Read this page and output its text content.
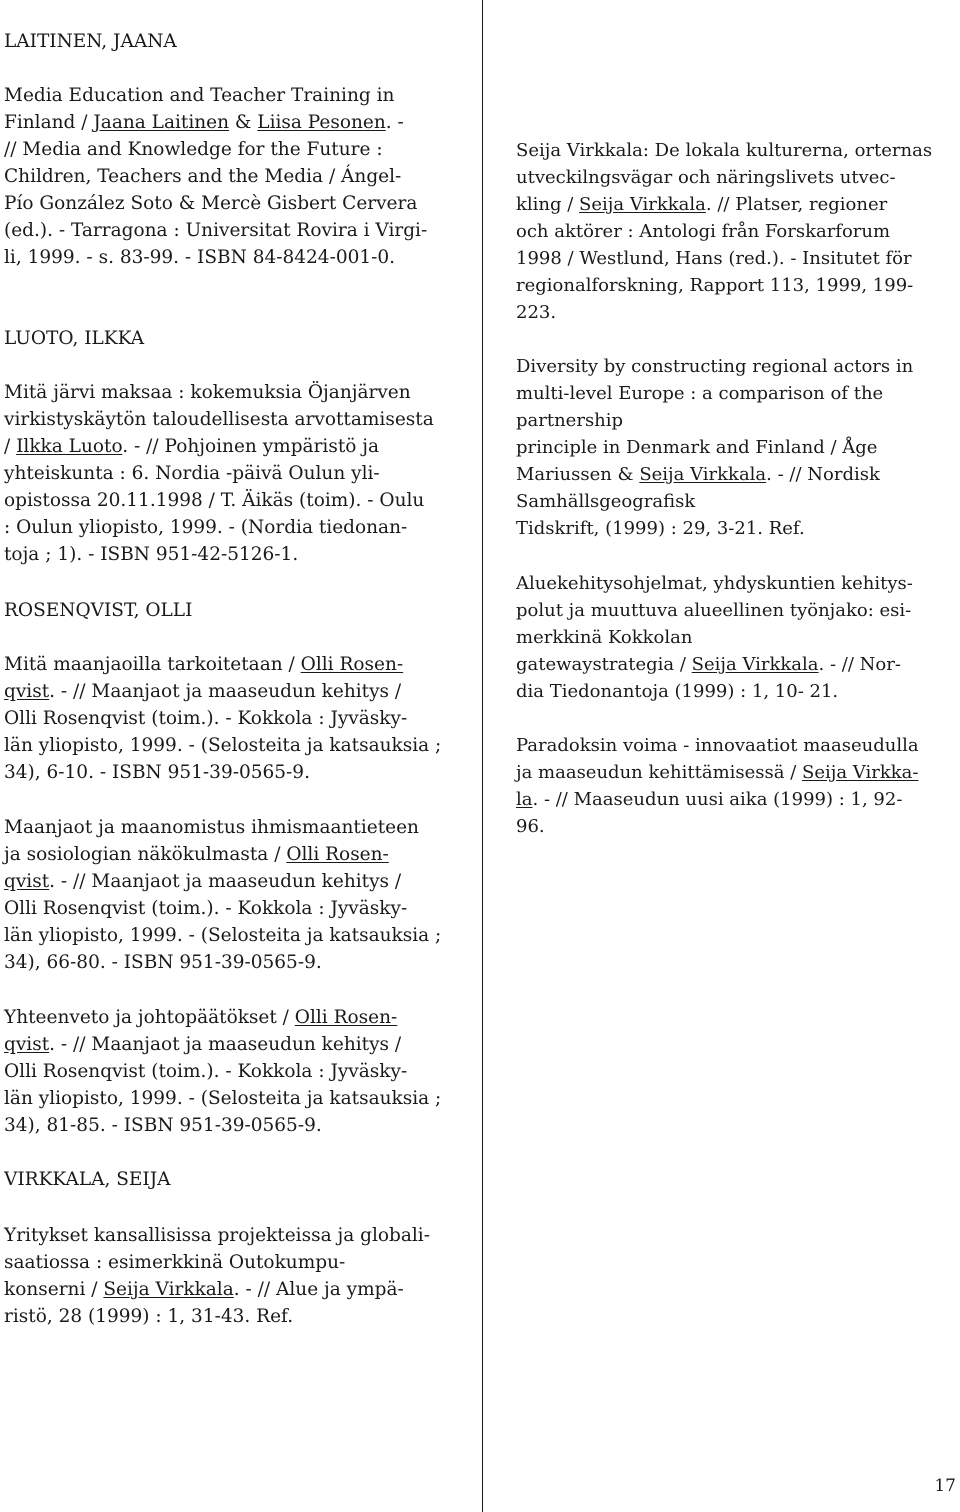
LAITINEN, JAANA
Media Education and Teacher Training in
Finland / Jaana Laitinen & Liisa Pesonen. -
// Media and Knowledge for the Future :
Children, Teachers and the Media / Ángel-
Pío González Soto & Mercè Gisbert Cervera
(ed.). - Tarragona : Universitat Rovira i Virgi-
li, 1999. - s. 83-99. - ISBN 84-8424-001-0.
LUOTO, ILKKA
Mitä järvi maksaa : kokemuksia Öjanjärven
virkistyskäytön taloudellisesta arvottamisesta
/ Ilkka Luoto. - // Pohjoinen ympäristö ja
yhteiskunta : 6. Nordia -päivä Oulun yli-
opistossa 20.11.1998 / T. Äikäs (toim). - Oulu
: Oulun yliopisto, 1999. - (Nordia tiedonan-
toja ; 1). - ISBN 951-42-5126-1.
ROSENQVIST, OLLI
Mitä maanjaoilla tarkoitetaan / Olli Rosen-
qvist. - // Maanjaot ja maaseudun kehitys /
Olli Rosenqvist (toim.). - Kokkola : Jyväsky-
län yliopisto, 1999. - (Selosteita ja katsauksia ;
34), 6-10. - ISBN 951-39-0565-9.
Maanjaot ja maanomistus ihmismaantieteen
ja sosiologian näkökulmasta / Olli Rosen-
qvist. - // Maanjaot ja maaseudun kehitys /
Olli Rosenqvist (toim.). - Kokkola : Jyväsky-
län yliopisto, 1999. - (Selosteita ja katsauksia ;
34), 66-80. - ISBN 951-39-0565-9.
Yhteenveto ja johtopäätökset / Olli Rosen-
qvist. - // Maanjaot ja maaseudun kehitys /
Olli Rosenqvist (toim.). - Kokkola : Jyväsky-
län yliopisto, 1999. - (Selosteita ja katsauksia ;
34), 81-85. - ISBN 951-39-0565-9.
VIRKKALA, SEIJA
Yritykset kansallisissa projekteissa ja globali-
saatiossa : esimerkkinä Outokumpu-
konserni / Seija Virkkala. - // Alue ja ympä-
ristö, 28 (1999) : 1, 31-43. Ref.
Seija Virkkala: De lokala kulturerna, orternas
utveckilngsvägar och näringslivets utvec-
kling / Seija Virkkala. // Platser, regioner
och aktörer : Antologi från Forskarforum
1998 / Westlund, Hans (red.). - Insitutet för
regionalforskning, Rapport 113, 1999, 199-
223.
Diversity by constructing regional actors in
multi-level Europe : a comparison of the
partnership
principle in Denmark and Finland / Åge
Mariussen & Seija Virkkala. - // Nordisk
Samhällsgeografisk
Tidskrift, (1999) : 29, 3-21. Ref.
Aluekehitysohjelmat, yhdyskuntien kehitys-
polut ja muuttuva alueellinen työnjako: esi-
merkkinä Kokkolan
gatewaystrategia / Seija Virkkala. - // Nor-
dia Tiedonantoja (1999) : 1, 10- 21.
Paradoksin voima - innovaatiot maaseudulla
ja maaseudun kehittämisessä / Seija Virkka-
la. - // Maaseudun uusi aika (1999) : 1, 92-
96.
17
